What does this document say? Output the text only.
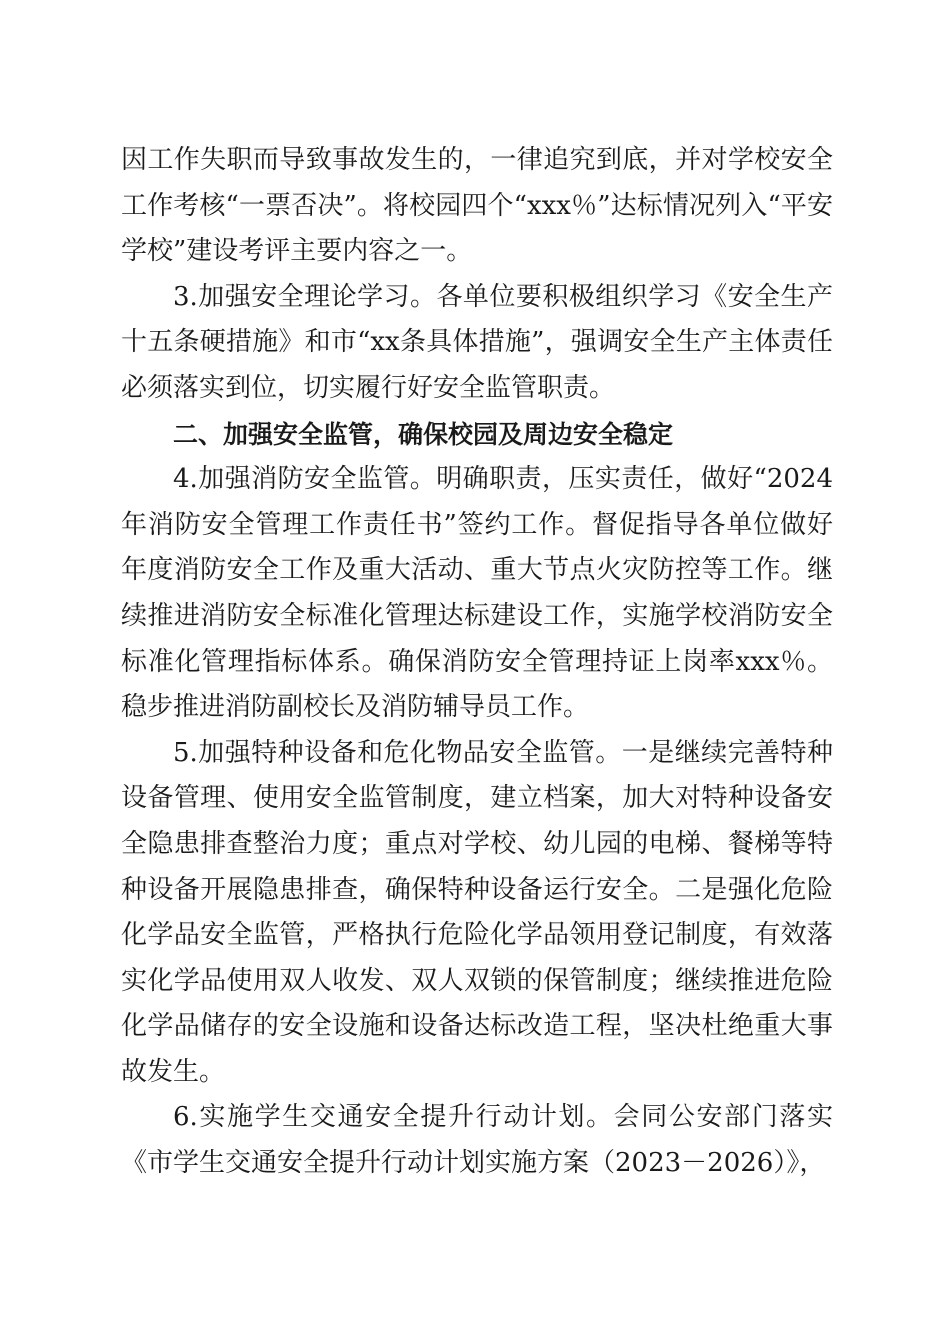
因工作失职而导致事故发生的，一律追究到底，并对学校安全工作考核“一票否决”。将校园四个“xxx％”达标情况列入“平安学校”建设考评主要内容之一。

3.加强安全理论学习。各单位要积极组织学习《安全生产十五条硬措施》和市“xx条具体措施”，强调安全生产主体责任必须落实到位，切实履行好安全监管职责。

二、加强安全监管，确保校园及周边安全稳定

4.加强消防安全监管。明确职责，压实责任，做好“2024年消防安全管理工作责任书”签约工作。督促指导各单位做好年度消防安全工作及重大活动、重大节点火灾防控等工作。继续推进消防安全标准化管理达标建设工作，实施学校消防安全标准化管理指标体系。确保消防安全管理持证上岗率xxx％。稳步推进消防副校长及消防辅导员工作。

5.加强特种设备和危化物品安全监管。一是继续完善特种设备管理、使用安全监管制度，建立档案，加大对特种设备安全隐患排查整治力度；重点对学校、幼儿园的电梯、餐梯等特种设备开展隐患排查，确保特种设备运行安全。二是强化危险化学品安全监管，严格执行危险化学品领用登记制度，有效落实化学品使用双人收发、双人双锁的保管制度；继续推进危险化学品储存的安全设施和设备达标改造工程，坚决杜绝重大事故发生。

6.实施学生交通安全提升行动计划。会同公安部门落实《市学生交通安全提升行动计划实施方案（2023－2026）》，
